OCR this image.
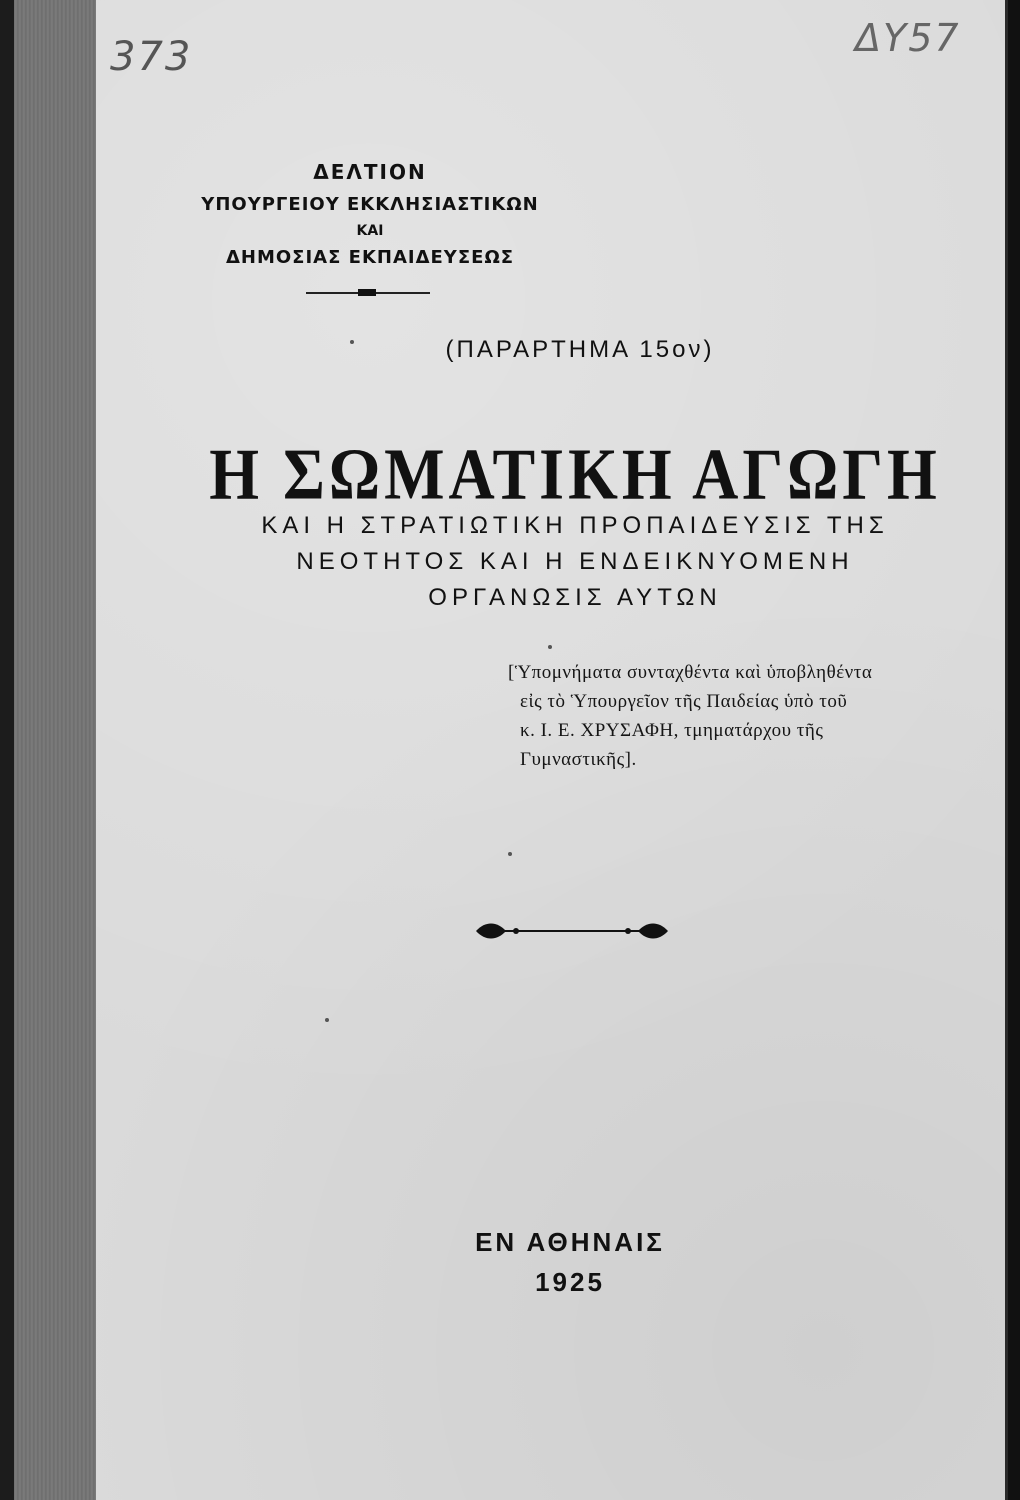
373	ΔΥ57
ΔΕΛΤΙΟΝ
ΥΠΟΥΡΓΕΙΟΥ ΕΚΚΛΗΣΙΑΣΤΙΚΩΝ
ΚΑΙ
ΔΗΜΟΣΙΑΣ ΕΚΠΑΙΔΕΥΣΕΩΣ
(ΠΑΡΑΡΤΗΜΑ 15ον)
Η ΣΩΜΑΤΙΚΗ ΑΓΩΓΗ
ΚΑΙ Η ΣΤΡΑΤΙΩΤΙΚΗ ΠΡΟΠΑΙΔΕΥΣΙΣ ΤΗΣ
ΝΕΟΤΗΤΟΣ ΚΑΙ Η ΕΝΔΕΙΚΝΥΟΜΕΝΗ
ΟΡΓΑΝΩΣΙΣ ΑΥΤΩΝ
[Ὑπομνήματα συνταχθέντα καὶ ὑποβληθέντα
εἰς τὸ Ὑπουργεῖον τῆς Παιδείας ὑπὸ τοῦ
κ. Ι. Ε. ΧΡΥΣΑΦΗ, τμηματάρχου τῆς
Γυμναστικῆς].
ΕΝ ΑΘΗΝΑΙΣ
1925
